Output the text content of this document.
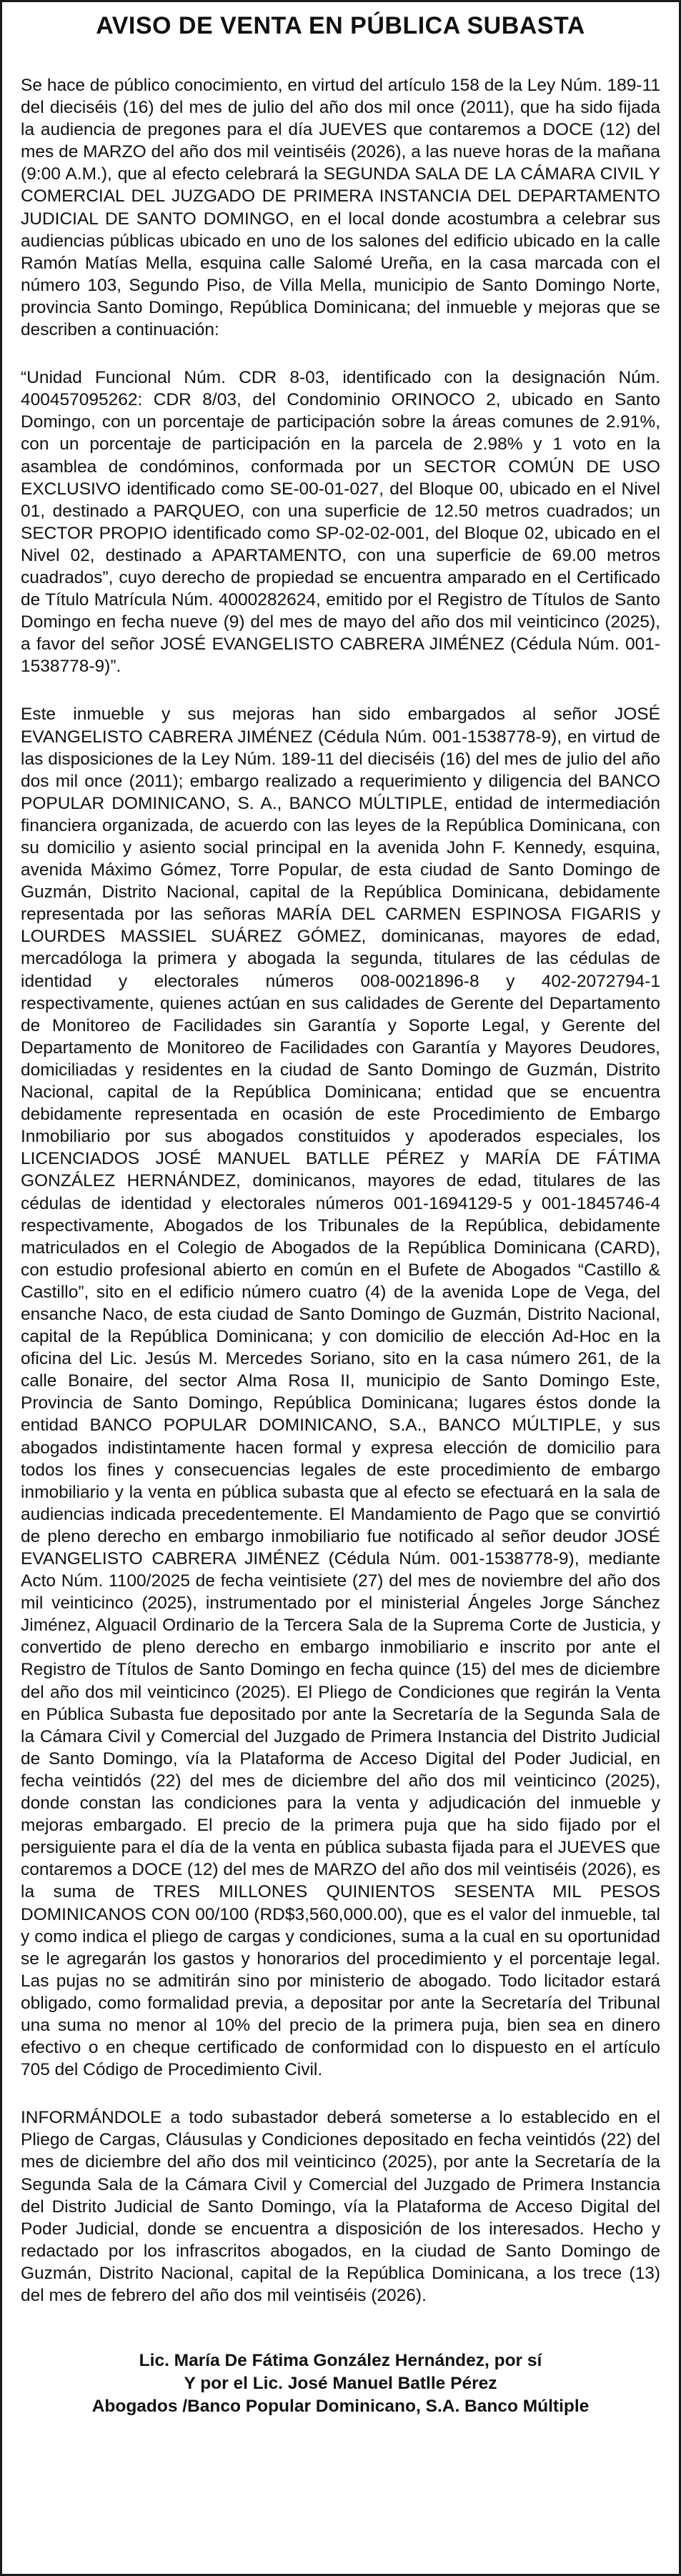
AVISO DE VENTA EN PÚBLICA SUBASTA

Se hace de público conocimiento, en virtud del artículo 158 de la Ley Núm. 189-11 del dieciséis (16) del mes de julio del año dos mil once (2011), que ha sido fijada la audiencia de pregones para el día JUEVES que contaremos a DOCE (12) del mes de MARZO del año dos mil veintiséis (2026), a las nueve horas de la mañana (9:00 A.M.), que al efecto celebrará la SEGUNDA SALA DE LA CÁMARA CIVIL Y COMERCIAL DEL JUZGADO DE PRIMERA INSTANCIA DEL DEPARTAMENTO JUDICIAL DE SANTO DOMINGO, en el local donde acostumbra a celebrar sus audiencias públicas ubicado en uno de los salones del edificio ubicado en la calle Ramón Matías Mella, esquina calle Salomé Ureña, en la casa marcada con el número 103, Segundo Piso, de Villa Mella, municipio de Santo Domingo Norte, provincia Santo Domingo, República Dominicana; del inmueble y mejoras que se describen a continuación:

“Unidad Funcional Núm. CDR 8-03, identificado con la designación Núm. 400457095262: CDR 8/03, del Condominio ORINOCO 2, ubicado en Santo Domingo, con un porcentaje de participación sobre la áreas comunes de 2.91%, con un porcentaje de participación en la parcela de 2.98% y 1 voto en la asamblea de condóminos, conformada por un SECTOR COMÚN DE USO EXCLUSIVO identificado como SE-00-01-027, del Bloque 00, ubicado en el Nivel 01, destinado a PARQUEO, con una superficie de 12.50 metros cuadrados; un SECTOR PROPIO identificado como SP-02-02-001, del Bloque 02, ubicado en el Nivel 02, destinado a APARTAMENTO, con una superficie de 69.00 metros cuadrados”, cuyo derecho de propiedad se encuentra amparado en el Certificado de Título Matrícula Núm. 4000282624, emitido por el Registro de Títulos de Santo Domingo en fecha nueve (9) del mes de mayo del año dos mil veinticinco (2025), a favor del señor JOSÉ EVANGELISTO CABRERA JIMÉNEZ (Cédula Núm. 001-1538778-9)”.

Este inmueble y sus mejoras han sido embargados al señor JOSÉ EVANGELISTO CABRERA JIMÉNEZ (Cédula Núm. 001-1538778-9), en virtud de las disposiciones de la Ley Núm. 189-11 del dieciséis (16) del mes de julio del año dos mil once (2011); embargo realizado a requerimiento y diligencia del BANCO POPULAR DOMINICANO, S. A., BANCO MÚLTIPLE, entidad de intermediación financiera organizada, de acuerdo con las leyes de la República Dominicana, con su domicilio y asiento social principal en la avenida John F. Kennedy, esquina, avenida Máximo Gómez, Torre Popular, de esta ciudad de Santo Domingo de Guzmán, Distrito Nacional, capital de la República Dominicana, debidamente representada por las señoras MARÍA DEL CARMEN ESPINOSA FIGARIS y LOURDES MASSIEL SUÁREZ GÓMEZ, dominicanas, mayores de edad, mercadóloga la primera y abogada la segunda, titulares de las cédulas de identidad y electorales números 008-0021896-8 y 402-2072794-1 respectivamente, quienes actúan en sus calidades de Gerente del Departamento de Monitoreo de Facilidades sin Garantía y Soporte Legal, y Gerente del Departamento de Monitoreo de Facilidades con Garantía y Mayores Deudores, domiciliadas y residentes en la ciudad de Santo Domingo de Guzmán, Distrito Nacional, capital de la República Dominicana; entidad que se encuentra debidamente representada en ocasión de este Procedimiento de Embargo Inmobiliario por sus abogados constituidos y apoderados especiales, los LICENCIADOS JOSÉ MANUEL BATLLE PÉREZ y MARÍA DE FÁTIMA GONZÁLEZ HERNÁNDEZ, dominicanos, mayores de edad, titulares de las cédulas de identidad y electorales números 001-1694129-5 y 001-1845746-4 respectivamente, Abogados de los Tribunales de la República, debidamente matriculados en el Colegio de Abogados de la República Dominicana (CARD), con estudio profesional abierto en común en el Bufete de Abogados “Castillo & Castillo”, sito en el edificio número cuatro (4) de la avenida Lope de Vega, del ensanche Naco, de esta ciudad de Santo Domingo de Guzmán, Distrito Nacional, capital de la República Dominicana; y con domicilio de elección Ad-Hoc en la oficina del Lic. Jesús M. Mercedes Soriano, sito en la casa número 261, de la calle Bonaire, del sector Alma Rosa II, municipio de Santo Domingo Este, Provincia de Santo Domingo, República Dominicana; lugares éstos donde la entidad BANCO POPULAR DOMINICANO, S.A., BANCO MÚLTIPLE, y sus abogados indistintamente hacen formal y expresa elección de domicilio para todos los fines y consecuencias legales de este procedimiento de embargo inmobiliario y la venta en pública subasta que al efecto se efectuará en la sala de audiencias indicada precedentemente. El Mandamiento de Pago que se convirtió de pleno derecho en embargo inmobiliario fue notificado al señor deudor JOSÉ EVANGELISTO CABRERA JIMÉNEZ (Cédula Núm. 001-1538778-9), mediante Acto Núm. 1100/2025 de fecha veintisiete (27) del mes de noviembre del año dos mil veinticinco (2025), instrumentado por el ministerial Ángeles Jorge Sánchez Jiménez, Alguacil Ordinario de la Tercera Sala de la Suprema Corte de Justicia, y convertido de pleno derecho en embargo inmobiliario e inscrito por ante el Registro de Títulos de Santo Domingo en fecha quince (15) del mes de diciembre del año dos mil veinticinco (2025). El Pliego de Condiciones que regirán la Venta en Pública Subasta fue depositado por ante la Secretaría de la Segunda Sala de la Cámara Civil y Comercial del Juzgado de Primera Instancia del Distrito Judicial de Santo Domingo, vía la Plataforma de Acceso Digital del Poder Judicial, en fecha veintidós (22) del mes de diciembre del año dos mil veinticinco (2025), donde constan las condiciones para la venta y adjudicación del inmueble y mejoras embargado. El precio de la primera puja que ha sido fijado por el persiguiente para el día de la venta en pública subasta fijada para el JUEVES que contaremos a DOCE (12) del mes de MARZO del año dos mil veintiséis (2026), es la suma de TRES MILLONES QUINIENTOS SESENTA MIL PESOS DOMINICANOS CON 00/100 (RD$3,560,000.00), que es el valor del inmueble, tal y como indica el pliego de cargas y condiciones, suma a la cual en su oportunidad se le agregarán los gastos y honorarios del procedimiento y el porcentaje legal. Las pujas no se admitirán sino por ministerio de abogado. Todo licitador estará obligado, como formalidad previa, a depositar por ante la Secretaría del Tribunal una suma no menor al 10% del precio de la primera puja, bien sea en dinero efectivo o en cheque certificado de conformidad con lo dispuesto en el artículo 705 del Código de Procedimiento Civil.

INFORMÁNDOLE a todo subastador deberá someterse a lo establecido en el Pliego de Cargas, Cláusulas y Condiciones depositado en fecha veintidós (22) del mes de diciembre del año dos mil veinticinco (2025), por ante la Secretaría de la Segunda Sala de la Cámara Civil y Comercial del Juzgado de Primera Instancia del Distrito Judicial de Santo Domingo, vía la Plataforma de Acceso Digital del Poder Judicial, donde se encuentra a disposición de los interesados. Hecho y redactado por los infrascritos abogados, en la ciudad de Santo Domingo de Guzmán, Distrito Nacional, capital de la República Dominicana, a los trece (13) del mes de febrero del año dos mil veintiséis (2026).

Lic. María De Fátima González Hernández, por sí
Y por el Lic. José Manuel Batlle Pérez
Abogados /Banco Popular Dominicano, S.A. Banco Múltiple
